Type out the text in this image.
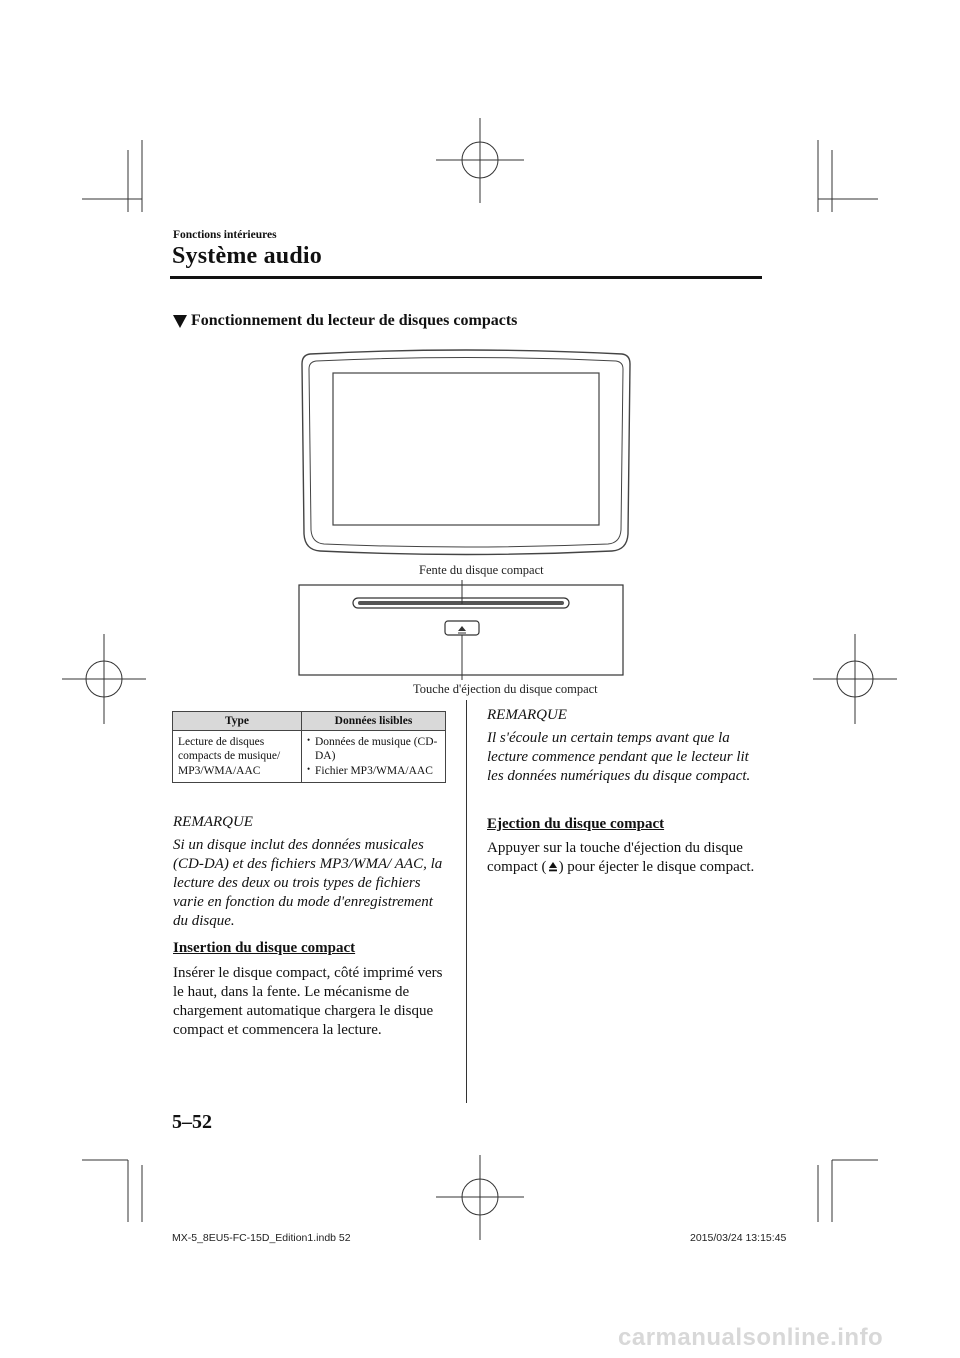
Fonctions intérieures
Système audio
Fonctionnement du lecteur de disques compacts
Fente du disque compact
Touche d'éjection du disque compact
Type	Données lisibles
Lecture de disques compacts de musique/ MP3/WMA/AAC	• Données de musique (CD-DA)
• Fichier MP3/WMA/AAC
REMARQUE
Si un disque inclut des données musicales (CD-DA) et des fichiers MP3/WMA/ AAC, la lecture des deux ou trois types de fichiers varie en fonction du mode d'enregistrement du disque.
Insertion du disque compact
Insérer le disque compact, côté imprimé vers le haut, dans la fente. Le mécanisme de chargement automatique chargera le disque compact et commencera la lecture.
REMARQUE
Il s'écoule un certain temps avant que la lecture commence pendant que le lecteur lit les données numériques du disque compact.
Ejection du disque compact
Appuyer sur la touche d'éjection du disque compact ( ) pour éjecter le disque compact.
5–52
MX-5_8EU5-FC-15D_Edition1.indb 52	2015/03/24 13:15:45
carmanualsonline.info
